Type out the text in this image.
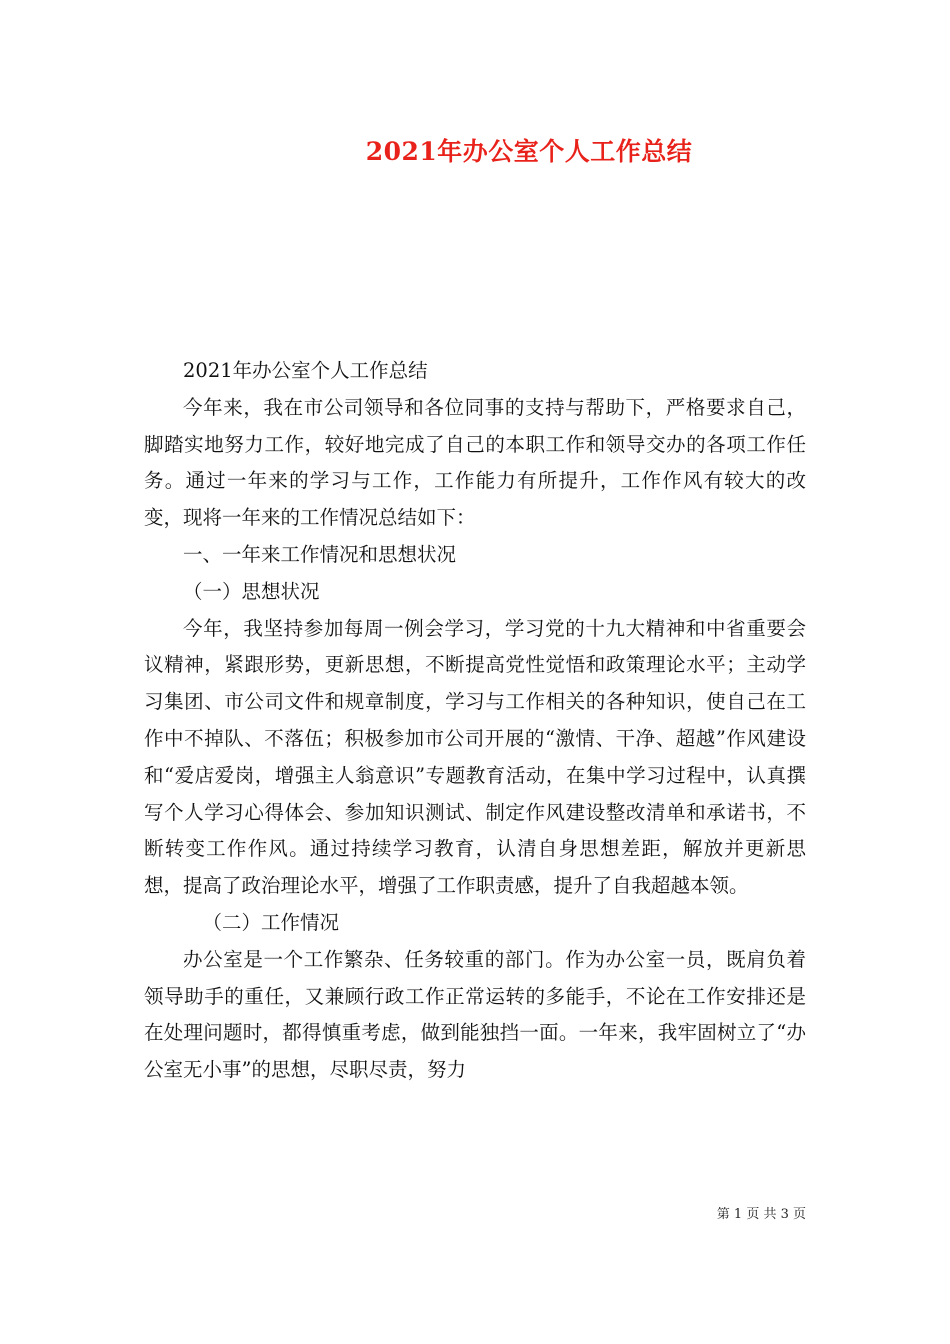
2021年办公室个人工作总结

2021年办公室个人工作总结

今年来，我在市公司领导和各位同事的支持与帮助下，严格要求自己，脚踏实地努力工作，较好地完成了自己的本职工作和领导交办的各项工作任务。通过一年来的学习与工作，工作能力有所提升，工作作风有较大的改变，现将一年来的工作情况总结如下：

一、一年来工作情况和思想状况

（一）思想状况

今年，我坚持参加每周一例会学习，学习党的十九大精神和中省重要会议精神，紧跟形势，更新思想，不断提高党性觉悟和政策理论水平；主动学习集团、市公司文件和规章制度，学习与工作相关的各种知识，使自己在工作中不掉队、不落伍；积极参加市公司开展的“激情、干净、超越”作风建设和“爱店爱岗，增强主人翁意识”专题教育活动，在集中学习过程中，认真撰写个人学习心得体会、参加知识测试、制定作风建设整改清单和承诺书，不断转变工作作风。通过持续学习教育，认清自身思想差距，解放并更新思想，提高了政治理论水平，增强了工作职责感，提升了自我超越本领。

（二）工作情况

办公室是一个工作繁杂、任务较重的部门。作为办公室一员，既肩负着领导助手的重任，又兼顾行政工作正常运转的多能手，不论在工作安排还是在处理问题时，都得慎重考虑，做到能独挡一面。一年来，我牢固树立了“办公室无小事”的思想，尽职尽责，努力

第 1 页 共 3 页
